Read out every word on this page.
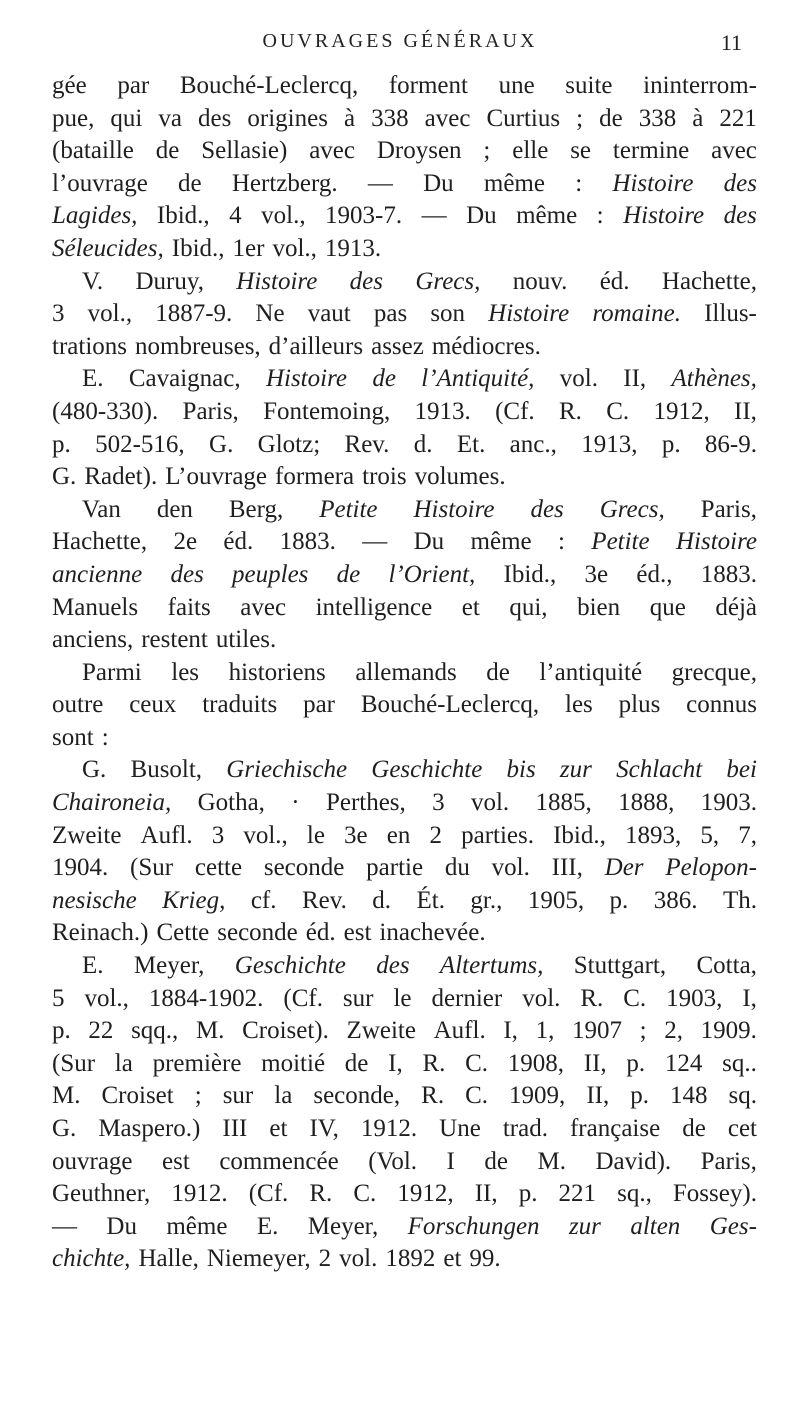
OUVRAGES GÉNÉRAUX	11
gée par Bouché-Leclercq, forment une suite ininterrom-
pue, qui va des origines à 338 avec Curtius ; de 338 à 221
(bataille de Sellasie) avec Droysen ; elle se termine avec
l’ouvrage de Hertzberg. — Du même : Histoire des
Lagides, Ibid., 4 vol., 1903-7. — Du même : Histoire des
Séleucides, Ibid., 1er vol., 1913.
V. Duruy, Histoire des Grecs, nouv. éd. Hachette,
3 vol., 1887-9. Ne vaut pas son Histoire romaine. Illus-
trations nombreuses, d’ailleurs assez médiocres.
E. Cavaignac, Histoire de l’Antiquité, vol. II, Athènes,
(480-330). Paris, Fontemoing, 1913. (Cf. R. C. 1912, II,
p. 502-516, G. Glotz; Rev. d. Et. anc., 1913, p. 86-9.
G. Radet). L’ouvrage formera trois volumes.
Van den Berg, Petite Histoire des Grecs, Paris,
Hachette, 2e éd. 1883. — Du même : Petite Histoire
ancienne des peuples de l’Orient, Ibid., 3e éd., 1883.
Manuels faits avec intelligence et qui, bien que déjà
anciens, restent utiles.
Parmi les historiens allemands de l’antiquité grecque,
outre ceux traduits par Bouché-Leclercq, les plus connus
sont :
G. Busolt, Griechische Geschichte bis zur Schlacht bei
Chaironeia, Gotha, · Perthes, 3 vol. 1885, 1888, 1903.
Zweite Aufl. 3 vol., le 3e en 2 parties. Ibid., 1893, 5, 7,
1904. (Sur cette seconde partie du vol. III, Der Pelopon-
nesische Krieg, cf. Rev. d. Ét. gr., 1905, p. 386. Th.
Reinach.) Cette seconde éd. est inachevée.
E. Meyer, Geschichte des Altertums, Stuttgart, Cotta,
5 vol., 1884-1902. (Cf. sur le dernier vol. R. C. 1903, I,
p. 22 sqq., M. Croiset). Zweite Aufl. I, 1, 1907 ; 2, 1909.
(Sur la première moitié de I, R. C. 1908, II, p. 124 sq..
M. Croiset ; sur la seconde, R. C. 1909, II, p. 148 sq.
G. Maspero.) III et IV, 1912. Une trad. française de cet
ouvrage est commencée (Vol. I de M. David). Paris,
Geuthner, 1912. (Cf. R. C. 1912, II, p. 221 sq., Fossey).
— Du même E. Meyer, Forschungen zur alten Ges-
chichte, Halle, Niemeyer, 2 vol. 1892 et 99.
